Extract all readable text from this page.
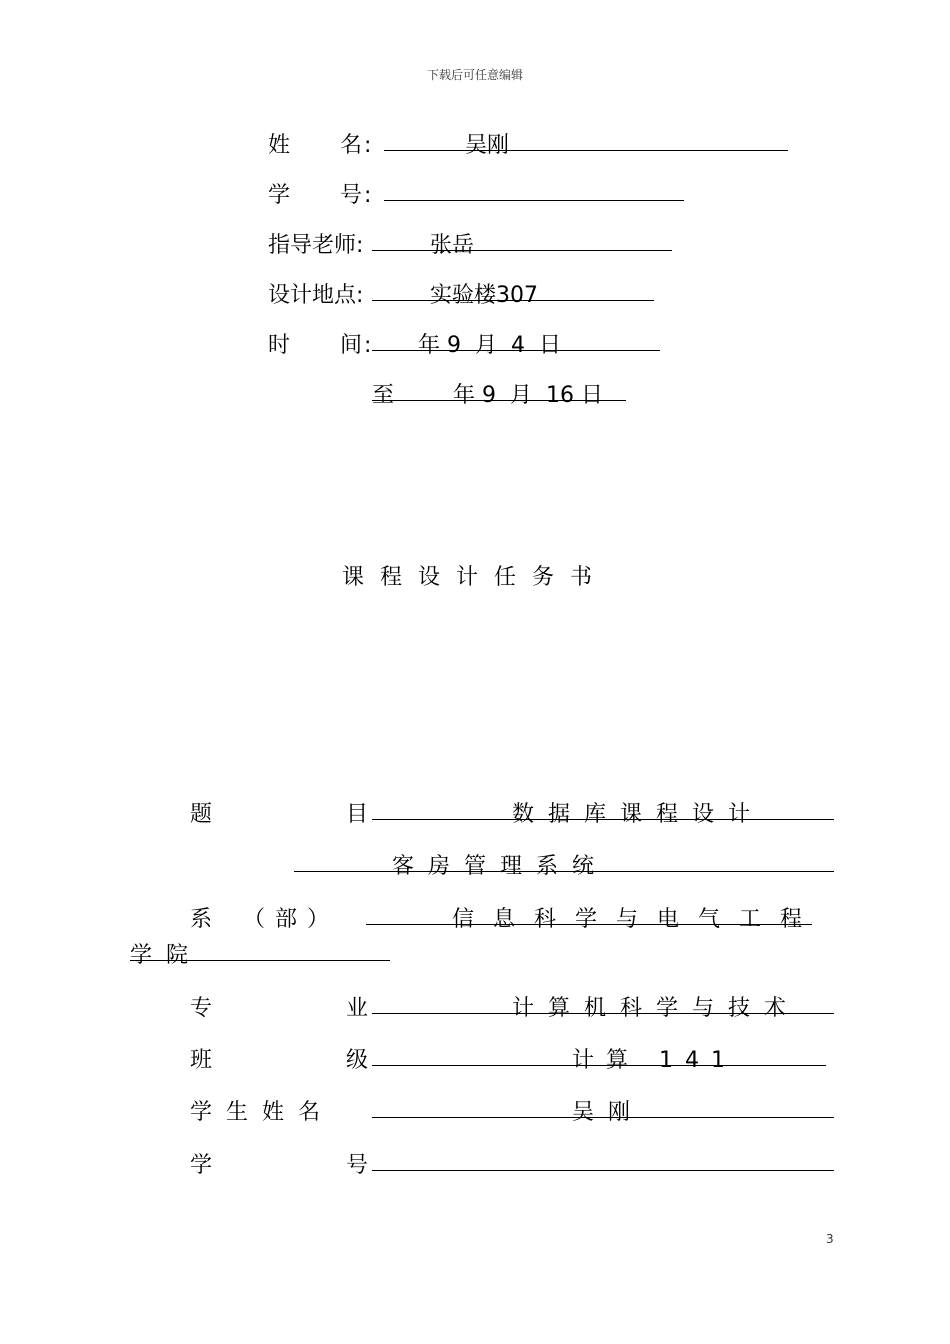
下载后可任意编辑
姓　　名:	吴刚
学　　号:
指导老师:	张岳
设计地点:	实验楼307
时　　间: 年 9  月  4  日
至	年 9  月  16 日
课程设计任务书
题　　目	数据库课程设计
客房管理系统
系　（部）	信息科学与电气工程
学院
专　　业	计算机科学与技术
班　　级	计算 141
学生姓名	吴刚
学　　号
3
